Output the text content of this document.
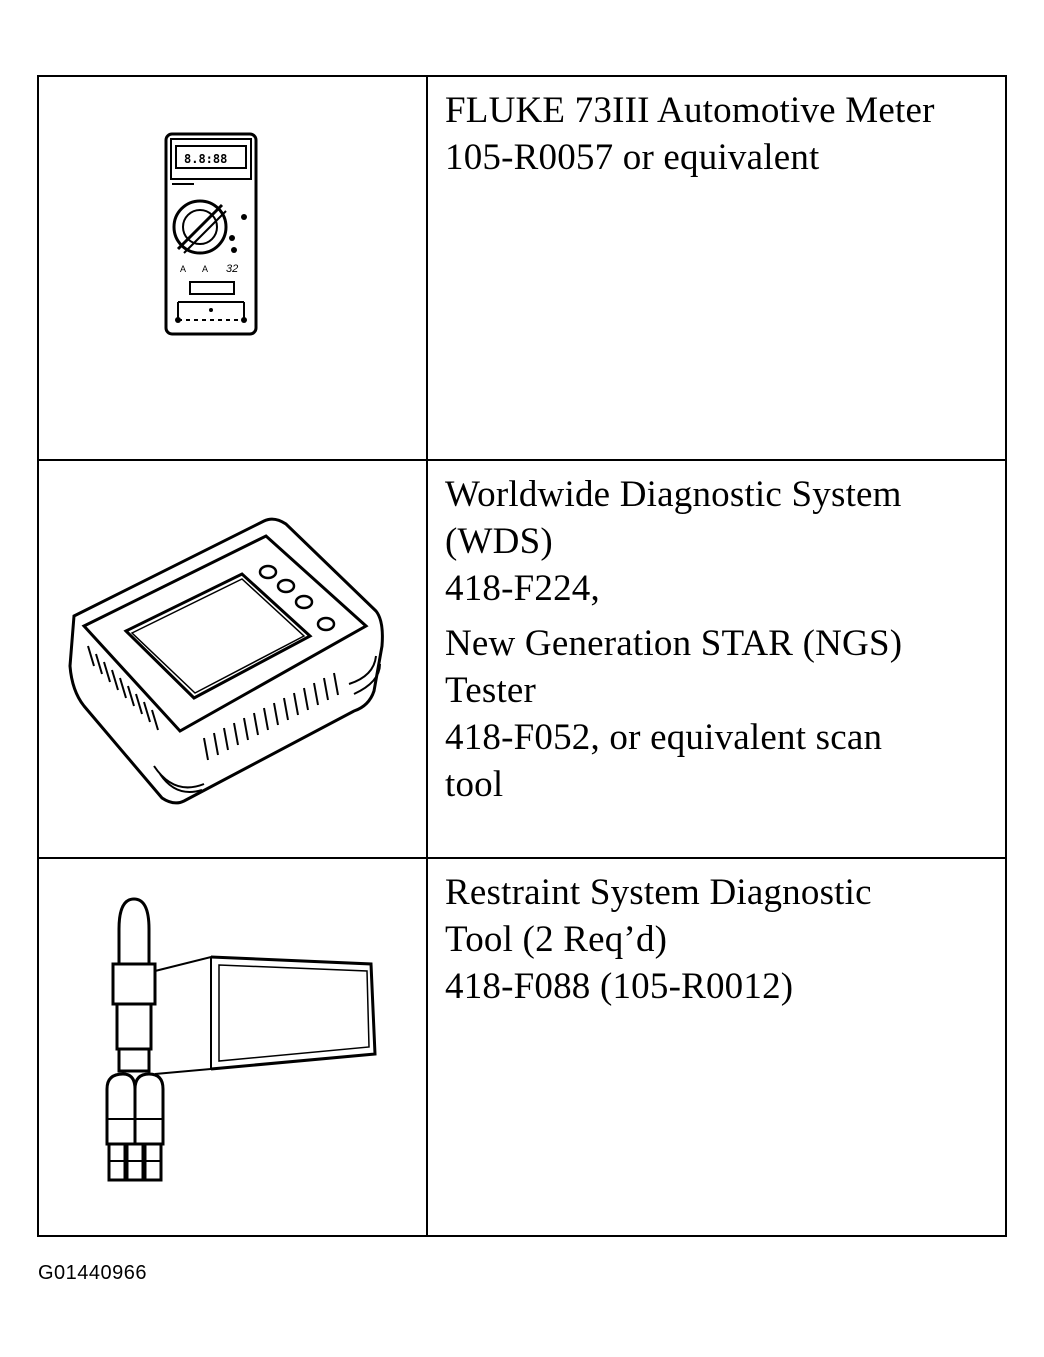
8.8:88
32
A A
FLUKE 73III Automotive Meter
105-R0057 or equivalent
Worldwide Diagnostic System
(WDS)
418-F224,
New Generation STAR (NGS)
Tester
418-F052, or equivalent scan
tool
Restraint System Diagnostic
Tool (2 Req’d)
418-F088 (105-R0012)
G01440966
